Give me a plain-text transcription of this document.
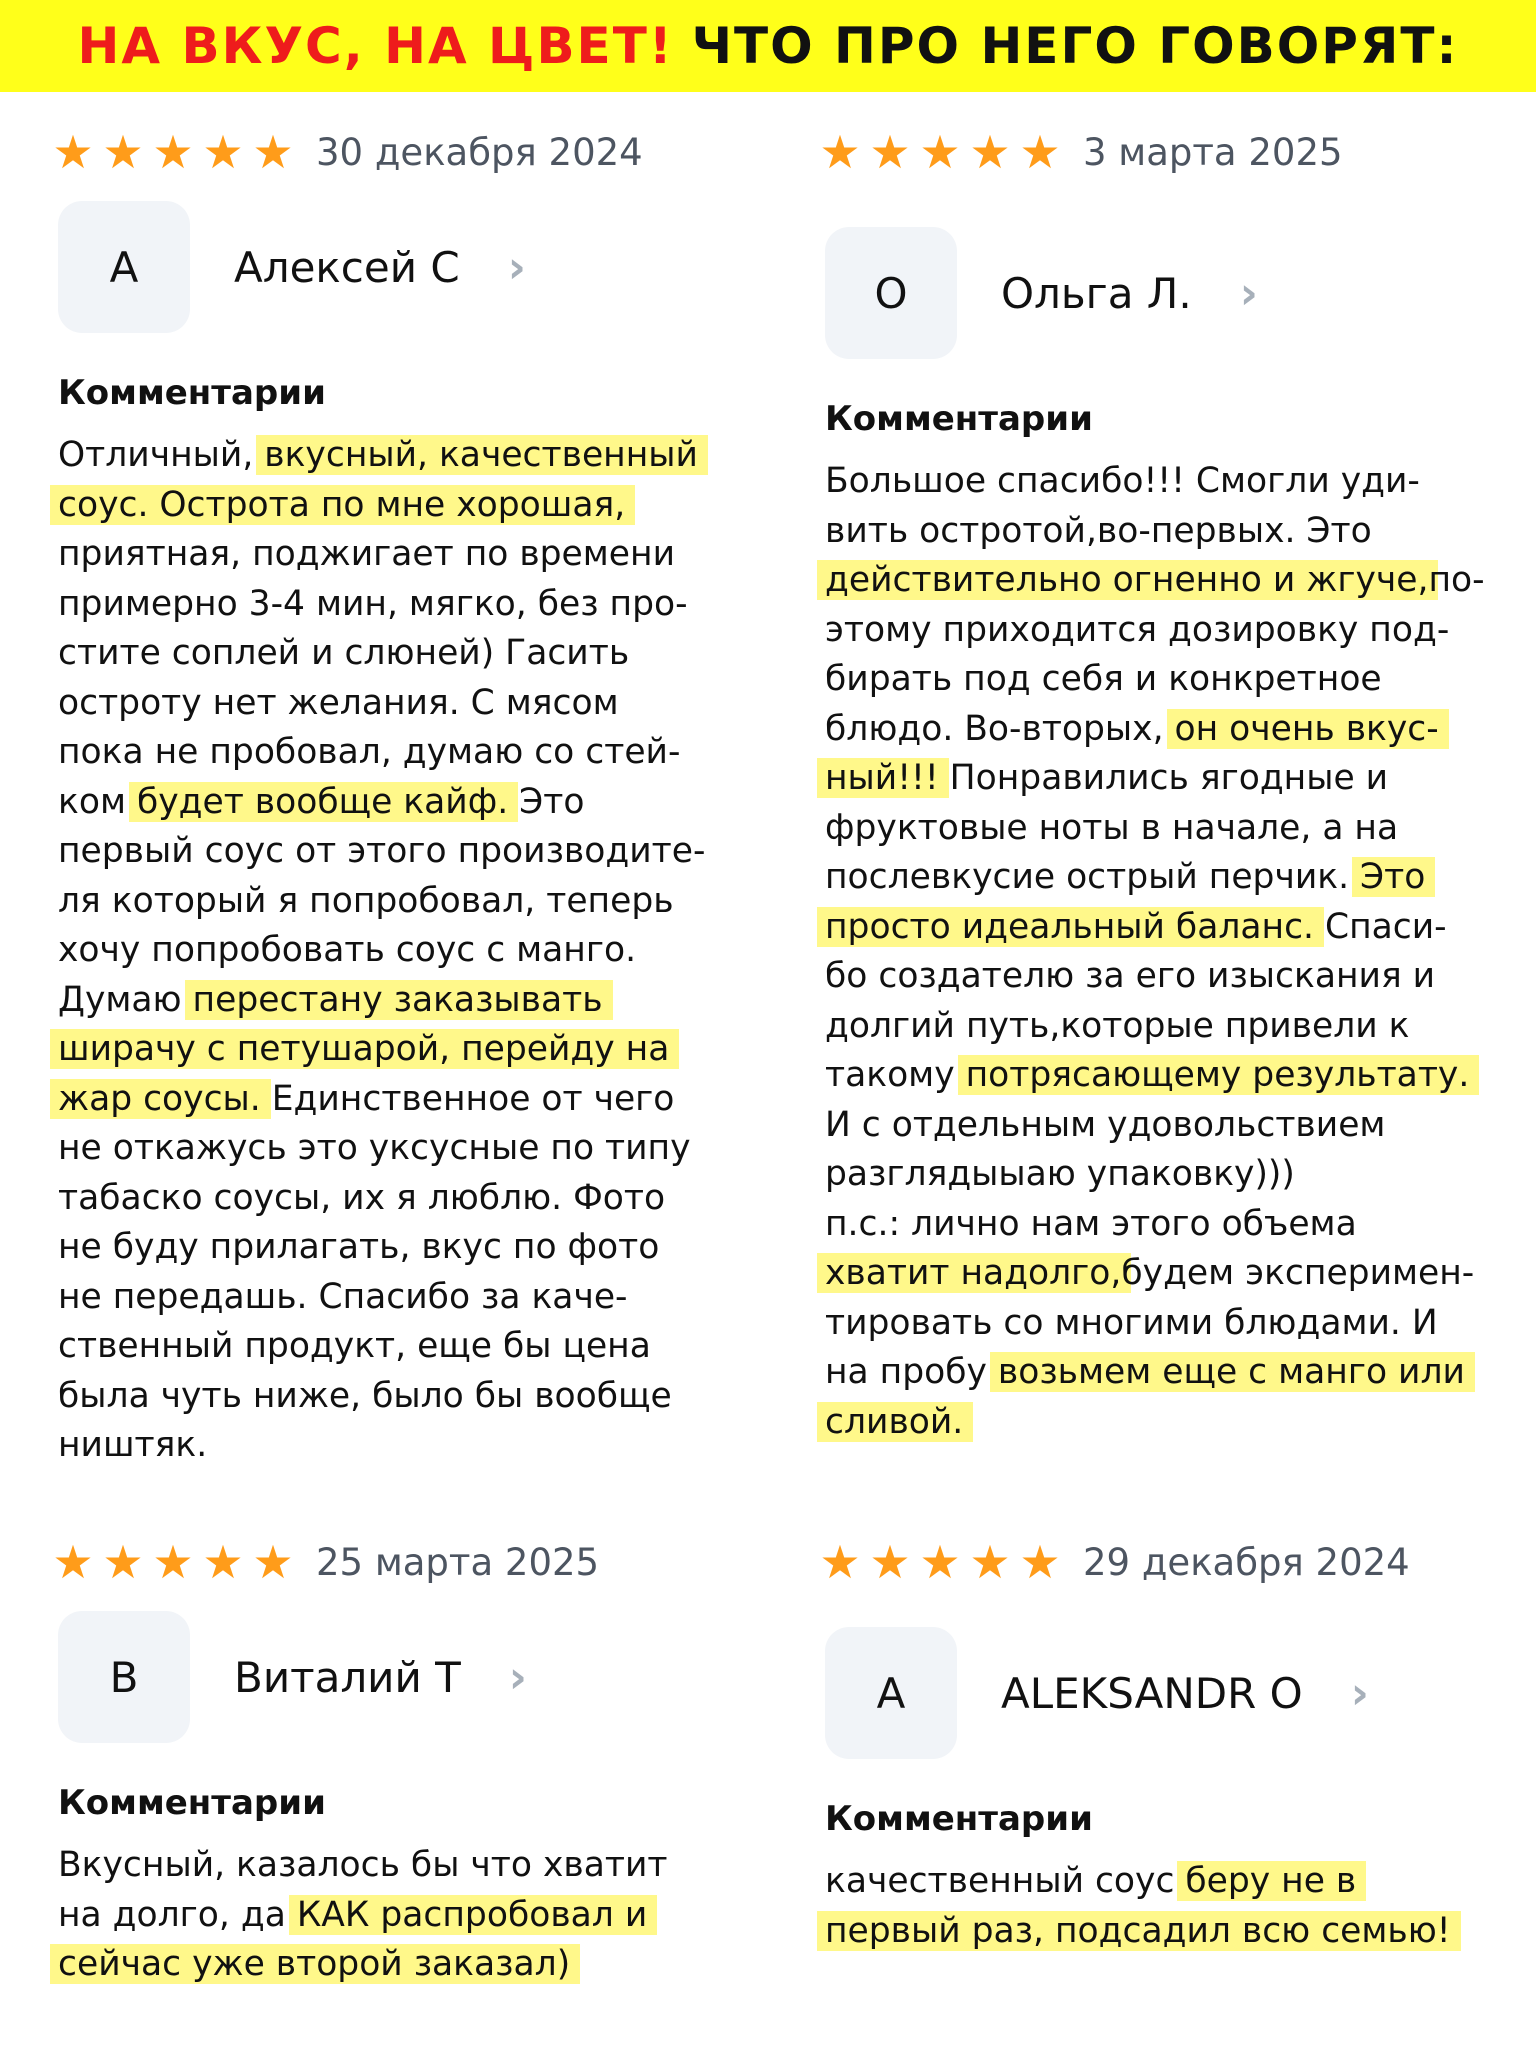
НА ВКУС, НА ЦВЕТ! ЧТО ПРО НЕГО ГОВОРЯТ:
★ ★ ★ ★ ★ 30 декабря 2024
А	Алексей С ›
Комментарии
Отличный, вкусный, качественный
соус. Острота по мне хорошая,
приятная, поджигает по времени
примерно 3-4 мин, мягко, без про-
стите соплей и слюней) Гасить
остроту нет желания. С мясом
пока не пробовал, думаю со стей-
ком будет вообще кайф. Это
первый соус от этого производите-
ля который я попробовал, теперь
хочу попробовать соус с манго.
Думаю перестану заказывать
ширачу с петушарой, перейду на
жар соусы. Единственное от чего
не откажусь это уксусные по типу
табаско соусы, их я люблю. Фото
не буду прилагать, вкус по фото
не передашь. Спасибо за каче-
ственный продукт, еще бы цена
была чуть ниже, было бы вообще
ништяк.
★ ★ ★ ★ ★ 3 марта 2025
О	Ольга Л. ›
Комментарии
Большое спасибо!!! Смогли уди-
вить остротой,во-первых. Это
действительно огненно и жгуче,по-
этому приходится дозировку под-
бирать под себя и конкретное
блюдо. Во-вторых, он очень вкус-
ный!!! Понравились ягодные и
фруктовые ноты в начале, а на
послевкусие острый перчик. Это
просто идеальный баланс. Спаси-
бо создателю за его изыскания и
долгий путь,которые привели к
такому потрясающему результату.
И с отдельным удовольствием
разглядыыаю упаковку)))
п.с.: лично нам этого объема
хватит надолго,будем эксперимен-
тировать со многими блюдами. И
на пробу возьмем еще с манго или
сливой.
★ ★ ★ ★ ★ 25 марта 2025
В	Виталий Т ›
Комментарии
Вкусный, казалось бы что хватит
на долго, да КАК распробовал и
сейчас уже второй заказал)
★ ★ ★ ★ ★ 29 декабря 2024
A	ALEKSANDR O ›
Комментарии
качественный соус беру не в
первый раз, подсадил всю семью!
